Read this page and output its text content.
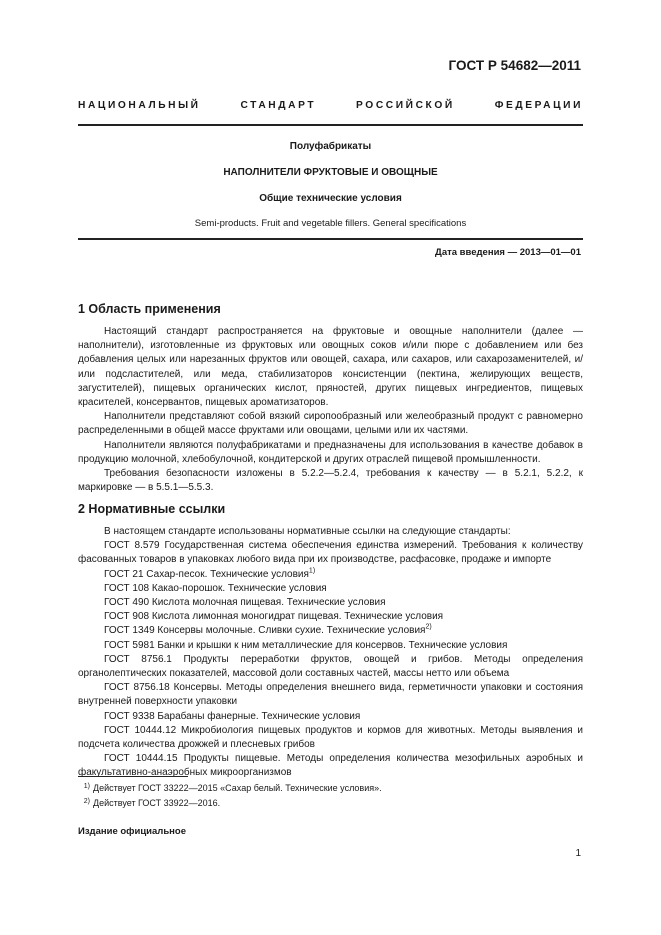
ГОСТ Р 54682—2011
НАЦИОНАЛЬНЫЙ СТАНДАРТ РОССИЙСКОЙ ФЕДЕРАЦИИ
Полуфабрикаты
НАПОЛНИТЕЛИ ФРУКТОВЫЕ И ОВОЩНЫЕ
Общие технические условия
Semi-products. Fruit and vegetable fillers. General specifications
Дата введения — 2013—01—01
1 Область применения

Настоящий стандарт распространяется на фруктовые и овощные наполнители (далее — наполнители), изготовленные из фруктовых или овощных соков и/или пюре с добавлением или без добавления целых или нарезанных фруктов или овощей, сахара, или сахаров, или сахарозаменителей, и/или подсластителей, или меда, стабилизаторов консистенции (пектина, желирующих веществ, загустителей), пищевых органических кислот, пряностей, других пищевых ингредиентов, пищевых красителей, консервантов, пищевых ароматизаторов.

Наполнители представляют собой вязкий сиропообразный или желеобразный продукт с равномерно распределенными в общей массе фруктами или овощами, целыми или их частями.

Наполнители являются полуфабрикатами и предназначены для использования в качестве добавок в продукцию молочной, хлебобулочной, кондитерской и других отраслей пищевой промышленности.

Требования безопасности изложены в 5.2.2—5.2.4, требования к качеству — в 5.2.1, 5.2.2, к маркировке — в 5.5.1—5.5.3.

2 Нормативные ссылки

В настоящем стандарте использованы нормативные ссылки на следующие стандарты:

ГОСТ 8.579 Государственная система обеспечения единства измерений. Требования к количеству фасованных товаров в упаковках любого вида при их производстве, расфасовке, продаже и импорте

ГОСТ 21 Сахар-песок. Технические условия$^{1)}$

ГОСТ 108 Какао-порошок. Технические условия

ГОСТ 490 Кислота молочная пищевая. Технические условия

ГОСТ 908 Кислота лимонная моногидрат пищевая. Технические условия

ГОСТ 1349 Консервы молочные. Сливки сухие. Технические условия$^{2)}$

ГОСТ 5981 Банки и крышки к ним металлические для консервов. Технические условия

ГОСТ 8756.1 Продукты переработки фруктов, овощей и грибов. Методы определения органолептических показателей, массовой доли составных частей, массы нетто или объема

ГОСТ 8756.18 Консервы. Методы определения внешнего вида, герметичности упаковки и состояния внутренней поверхности упаковки

ГОСТ 9338 Барабаны фанерные. Технические условия

ГОСТ 10444.12 Микробиология пищевых продуктов и кормов для животных. Методы выявления и подсчета количества дрожжей и плесневых грибов

ГОСТ 10444.15 Продукты пищевые. Методы определения количества мезофильных аэробных и факультативно-анаэробных микроорганизмов

1) Действует ГОСТ 33222—2015 «Сахар белый. Технические условия».
2) Действует ГОСТ 33922—2016.
Издание официальное
1
